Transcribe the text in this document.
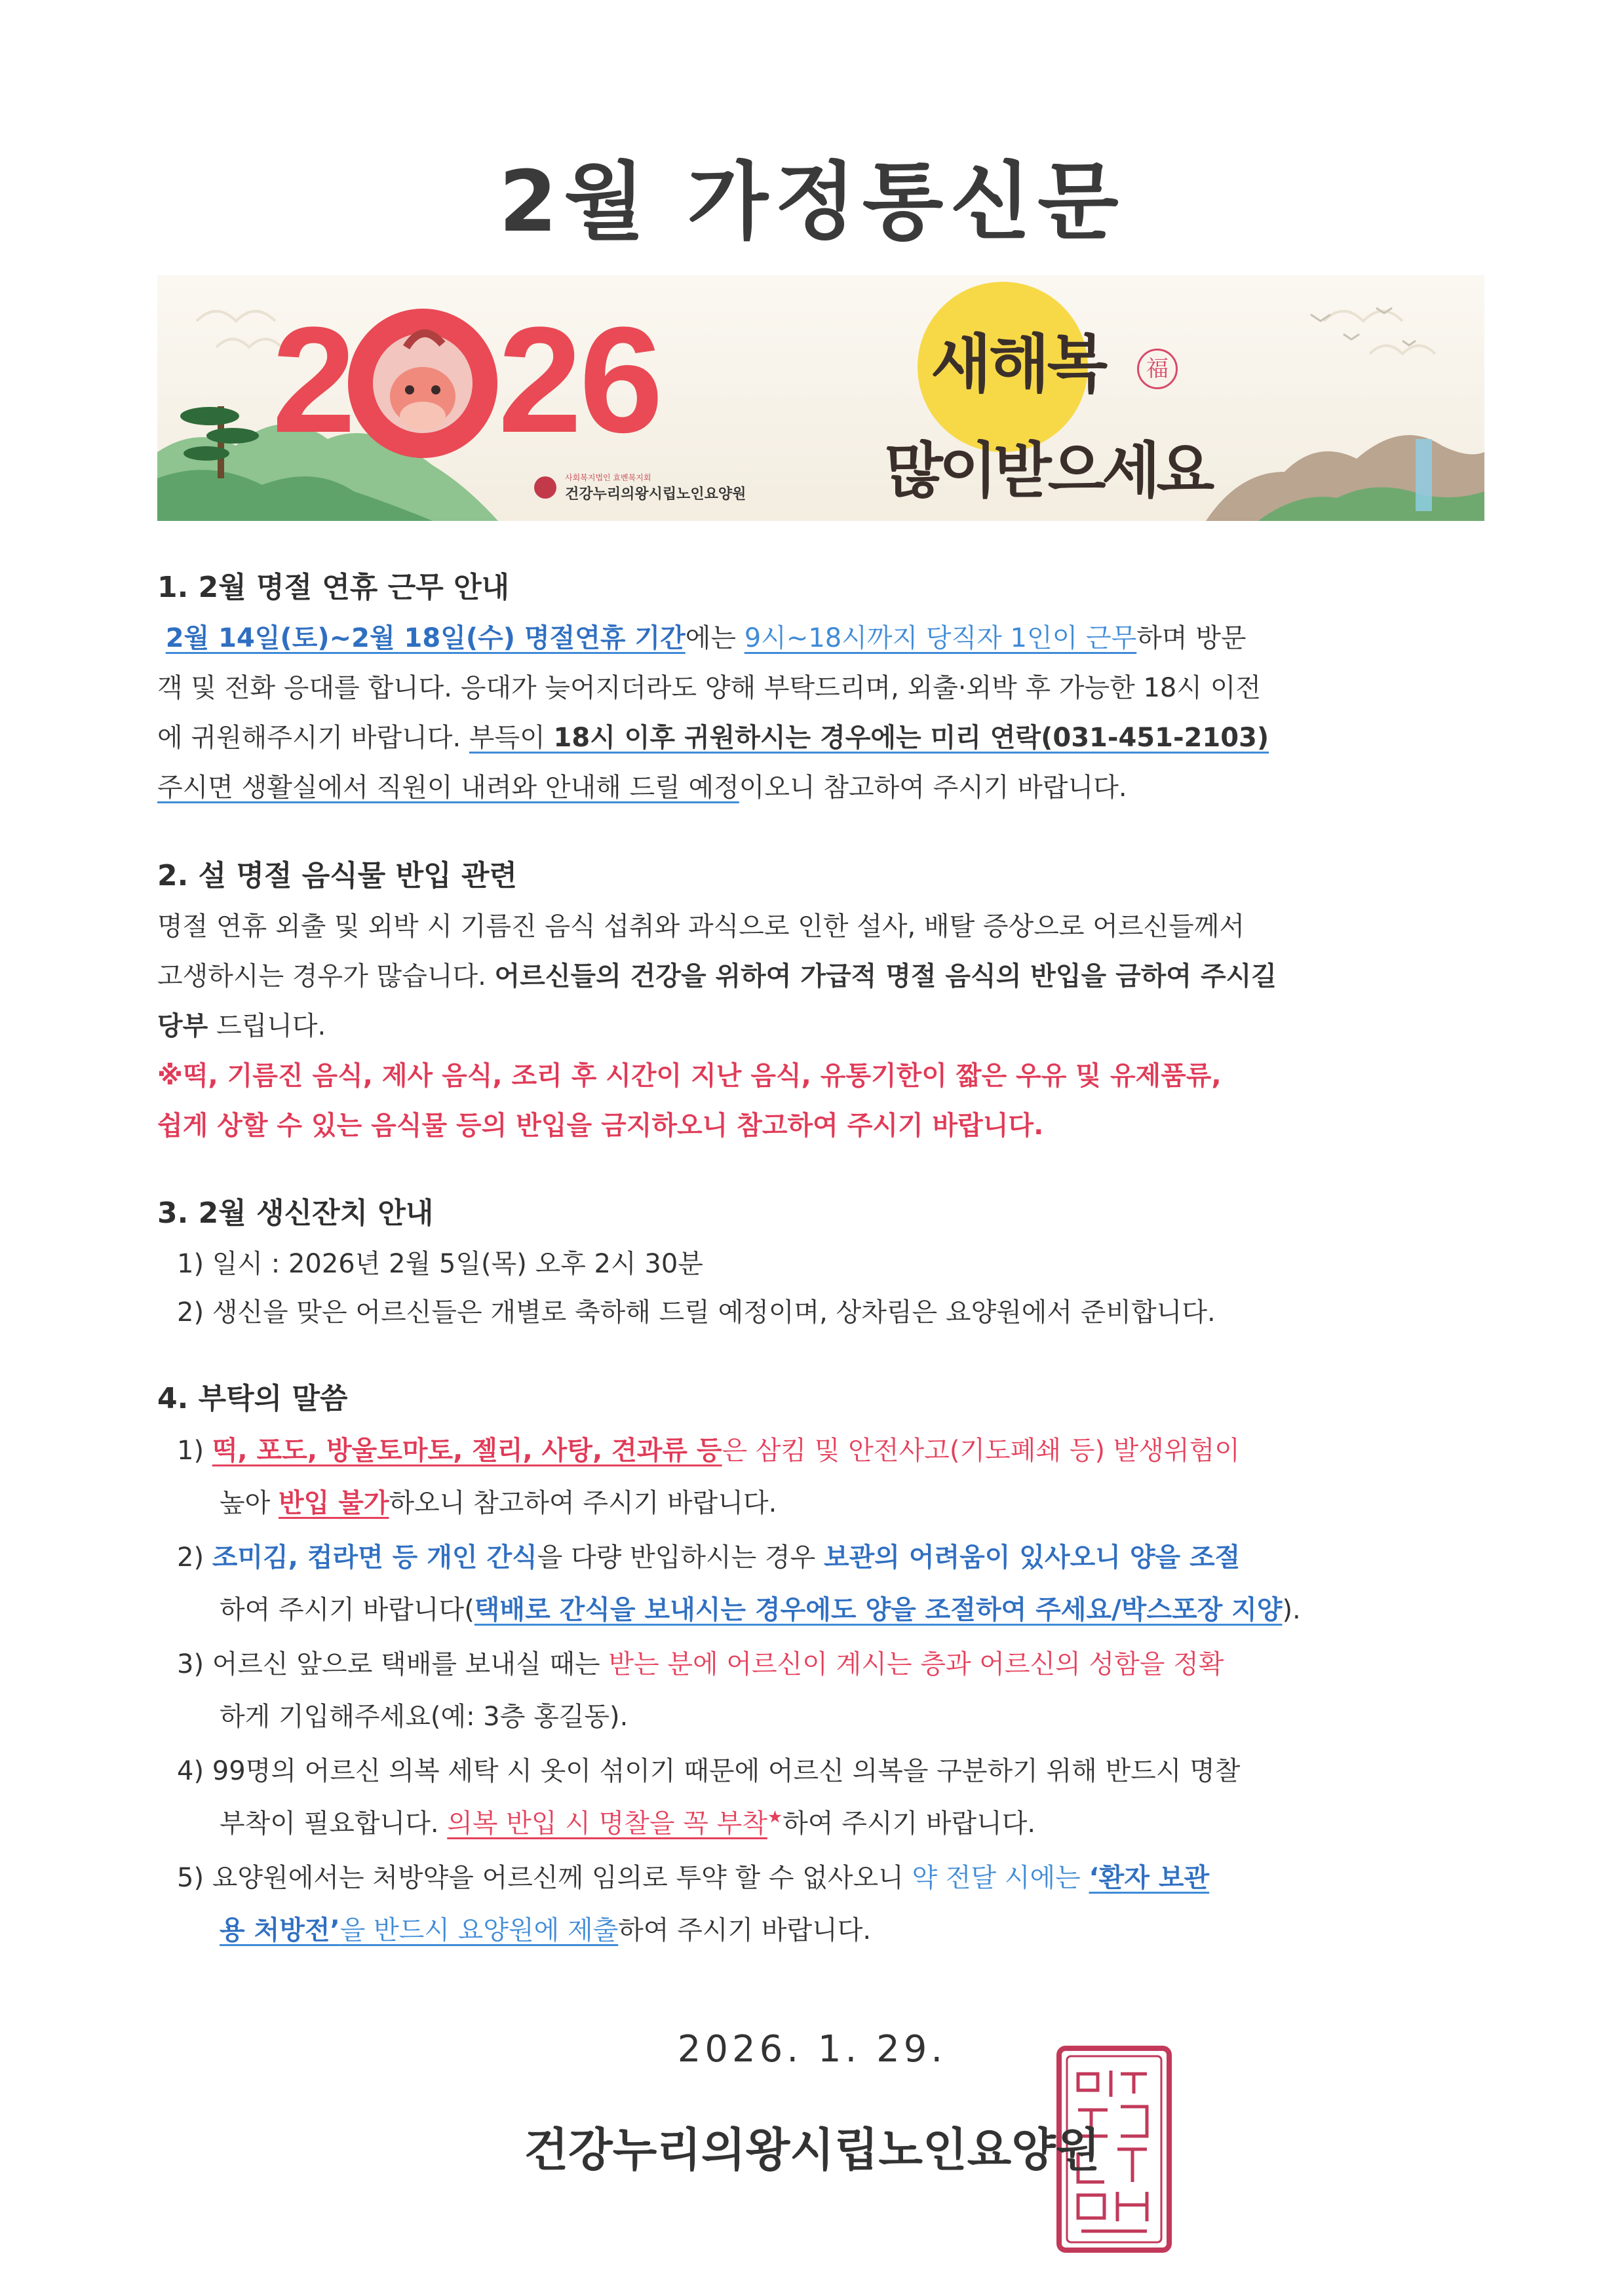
2월 가정통신문
2 26	새해복	福
많이받으세요

사회복지법인 효벤복지회
건강누리의왕시립노인요양원
1. 2월 명절 연휴 근무 안내
2월 14일(토)~2월 18일(수) 명절연휴 기간에는 9시~18시까지 당직자 1인이 근무하며 방문
객 및 전화 응대를 합니다. 응대가 늦어지더라도 양해 부탁드리며, 외출·외박 후 가능한 18시 이전
에 귀원해주시기 바랍니다. 부득이 18시 이후 귀원하시는 경우에는 미리 연락(031-451-2103)
주시면 생활실에서 직원이 내려와 안내해 드릴 예정이오니 참고하여 주시기 바랍니다.
2. 설 명절 음식물 반입 관련
명절 연휴 외출 및 외박 시 기름진 음식 섭취와 과식으로 인한 설사, 배탈 증상으로 어르신들께서
고생하시는 경우가 많습니다. 어르신들의 건강을 위하여 가급적 명절 음식의 반입을 금하여 주시길
당부 드립니다.
※떡, 기름진 음식, 제사 음식, 조리 후 시간이 지난 음식, 유통기한이 짧은 우유 및 유제품류,
쉽게 상할 수 있는 음식물 등의 반입을 금지하오니 참고하여 주시기 바랍니다.
3. 2월 생신잔치 안내
1) 일시 : 2026년 2월 5일(목) 오후 2시 30분
2) 생신을 맞은 어르신들은 개별로 축하해 드릴 예정이며, 상차림은 요양원에서 준비합니다.
4. 부탁의 말씀
1) 떡, 포도, 방울토마토, 젤리, 사탕, 견과류 등은 삼킴 및 안전사고(기도폐쇄 등) 발생위험이
높아 반입 불가하오니 참고하여 주시기 바랍니다.
2) 조미김, 컵라면 등 개인 간식을 다량 반입하시는 경우 보관의 어려움이 있사오니 양을 조절
하여 주시기 바랍니다(택배로 간식을 보내시는 경우에도 양을 조절하여 주세요/박스포장 지양).
3) 어르신 앞으로 택배를 보내실 때는 받는 분에 어르신이 계시는 층과 어르신의 성함을 정확
하게 기입해주세요(예: 3층 홍길동).
4) 99명의 어르신 의복 세탁 시 옷이 섞이기 때문에 어르신 의복을 구분하기 위해 반드시 명찰
부착이 필요합니다. 의복 반입 시 명찰을 꼭 부착★하여 주시기 바랍니다.
5) 요양원에서는 처방약을 어르신께 임의로 투약 할 수 없사오니 약 전달 시에는 ‘환자 보관
용 처방전’을 반드시 요양원에 제출하여 주시기 바랍니다.
2026. 1. 29.
건강누리의왕시립노인요양원
